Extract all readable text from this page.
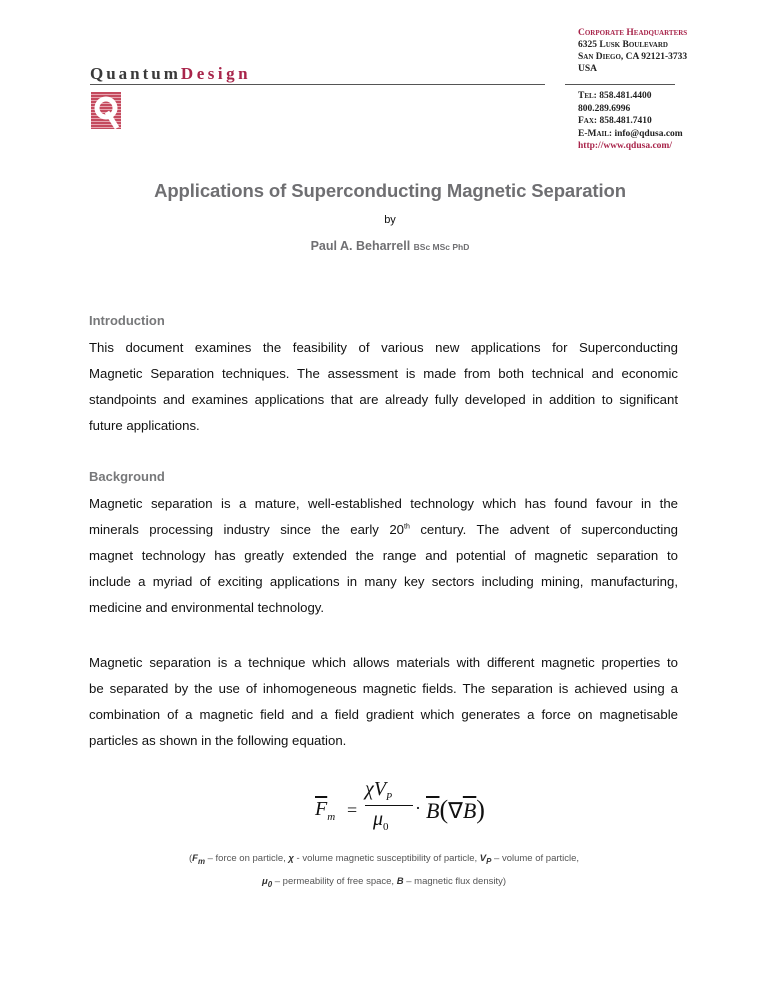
QuantumDesign
Corporate Headquarters
6325 Lusk Boulevard
San Diego, CA 92121-3733
USA
Tel: 858.481.4400
800.289.6996
Fax: 858.481.7410
E-Mail: info@qdusa.com
http://www.qdusa.com/
Applications of Superconducting Magnetic Separation
by
Paul A. Beharrell BSc MSc PhD
Introduction
This document examines the feasibility of various new applications for Superconducting
Magnetic Separation techniques. The assessment is made from both technical and economic
standpoints and examines applications that are already fully developed in addition to significant
future applications.
Background
Magnetic separation is a mature, well-established technology which has found favour in the
minerals processing industry since the early 20th century. The advent of superconducting
magnet technology has greatly extended the range and potential of magnetic separation to
include a myriad of exciting applications in many key sectors including mining, manufacturing,
medicine and environmental technology.
Magnetic separation is a technique which allows materials with different magnetic properties to
be separated by the use of inhomogeneous magnetic fields. The separation is achieved using a
combination of a magnetic field and a field gradient which generates a force on magnetisable
particles as shown in the following equation.
$\overline{F}_m$ =
$\chi V_P$
$\mu_0$
· $\overline{B}(\nabla\overline{B})$
($F_m$ – force on particle, χ - volume magnetic susceptibility of particle, $V_P$ – volume of particle,
$\mu_0$ – permeability of free space, B – magnetic flux density)
